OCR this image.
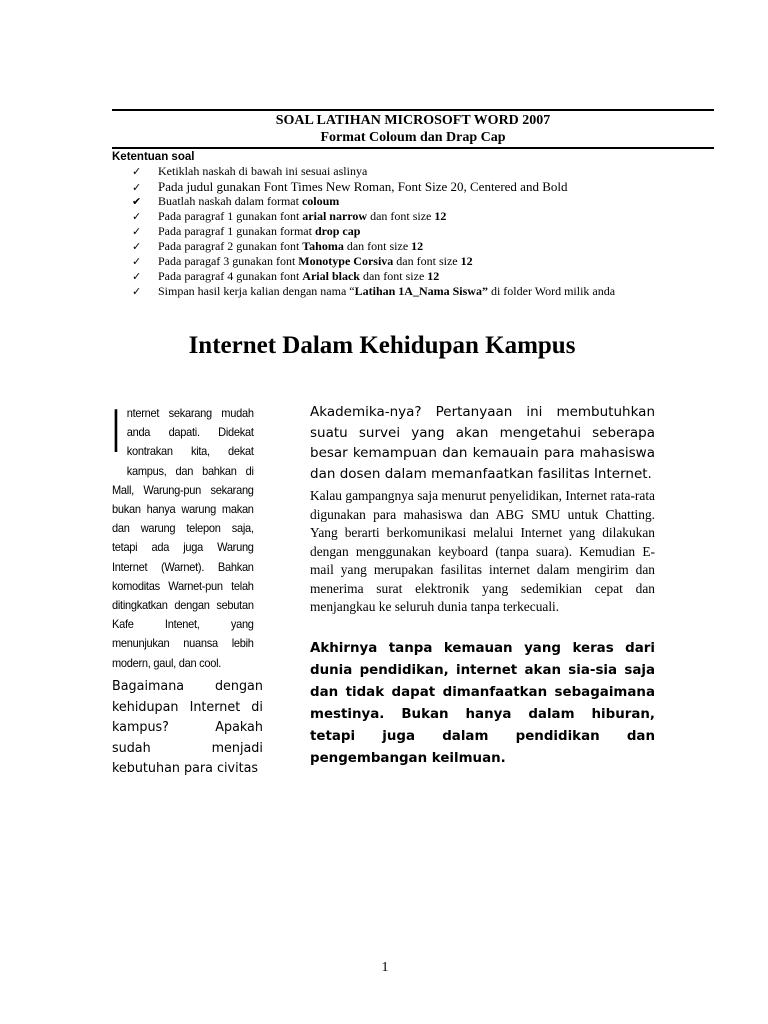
SOAL LATIHAN MICROSOFT WORD 2007
Format Coloum dan Drap Cap
Ketentuan soal
✓ Ketiklah naskah di bawah ini sesuai aslinya
✓ Pada judul gunakan Font Times New Roman, Font Size 20, Centered and Bold
✔ Buatlah naskah dalam format coloum
✓ Pada paragraf 1 gunakan font arial narrow dan font size 12
✓ Pada paragraf 1 gunakan format drop cap
✓ Pada paragraf 2 gunakan font Tahoma dan font size 12
✓ Pada paragaf 3 gunakan font Monotype Corsiva dan font size 12
✓ Pada paragraf 4 gunakan font Arial black dan font size 12
✓ Simpan hasil kerja kalian dengan nama “Latihan 1A_Nama Siswa” di folder Word milik anda
Internet Dalam Kehidupan Kampus
I nternet sekarang mudah anda dapati. Didekat kontrakan kita, dekat kampus, dan bahkan di Mall, Warung-pun sekarang bukan hanya warung makan dan warung telepon saja, tetapi ada juga Warung Internet (Warnet). Bahkan komoditas Warnet-pun telah ditingkatkan dengan sebutan Kafe Intenet, yang menunjukan nuansa lebih modern, gaul, dan cool.
Bagaimana dengan kehidupan Internet di kampus? Apakah sudah menjadi kebutuhan para civitas
Akademika-nya? Pertanyaan ini membutuhkan suatu survei yang akan mengetahui seberapa besar kemampuan dan kemauain para mahasiswa dan dosen dalam memanfaatkan fasilitas Internet.
Kalau gampangnya saja menurut penyelidikan, Internet rata-rata digunakan para mahasiswa dan ABG SMU untuk Chatting. Yang berarti berkomunikasi melalui Internet yang dilakukan dengan menggunakan keyboard (tanpa suara). Kemudian E-mail yang merupakan fasilitas internet dalam mengirim dan menerima surat elektronik yang sedemikian cepat dan menjangkau ke seluruh dunia tanpa terkecuali.
Akhirnya tanpa kemauan yang keras dari dunia pendidikan, internet akan sia-sia saja dan tidak dapat dimanfaatkan sebagaimana mestinya. Bukan hanya dalam hiburan, tetapi juga dalam pendidikan dan pengembangan keilmuan.
1
